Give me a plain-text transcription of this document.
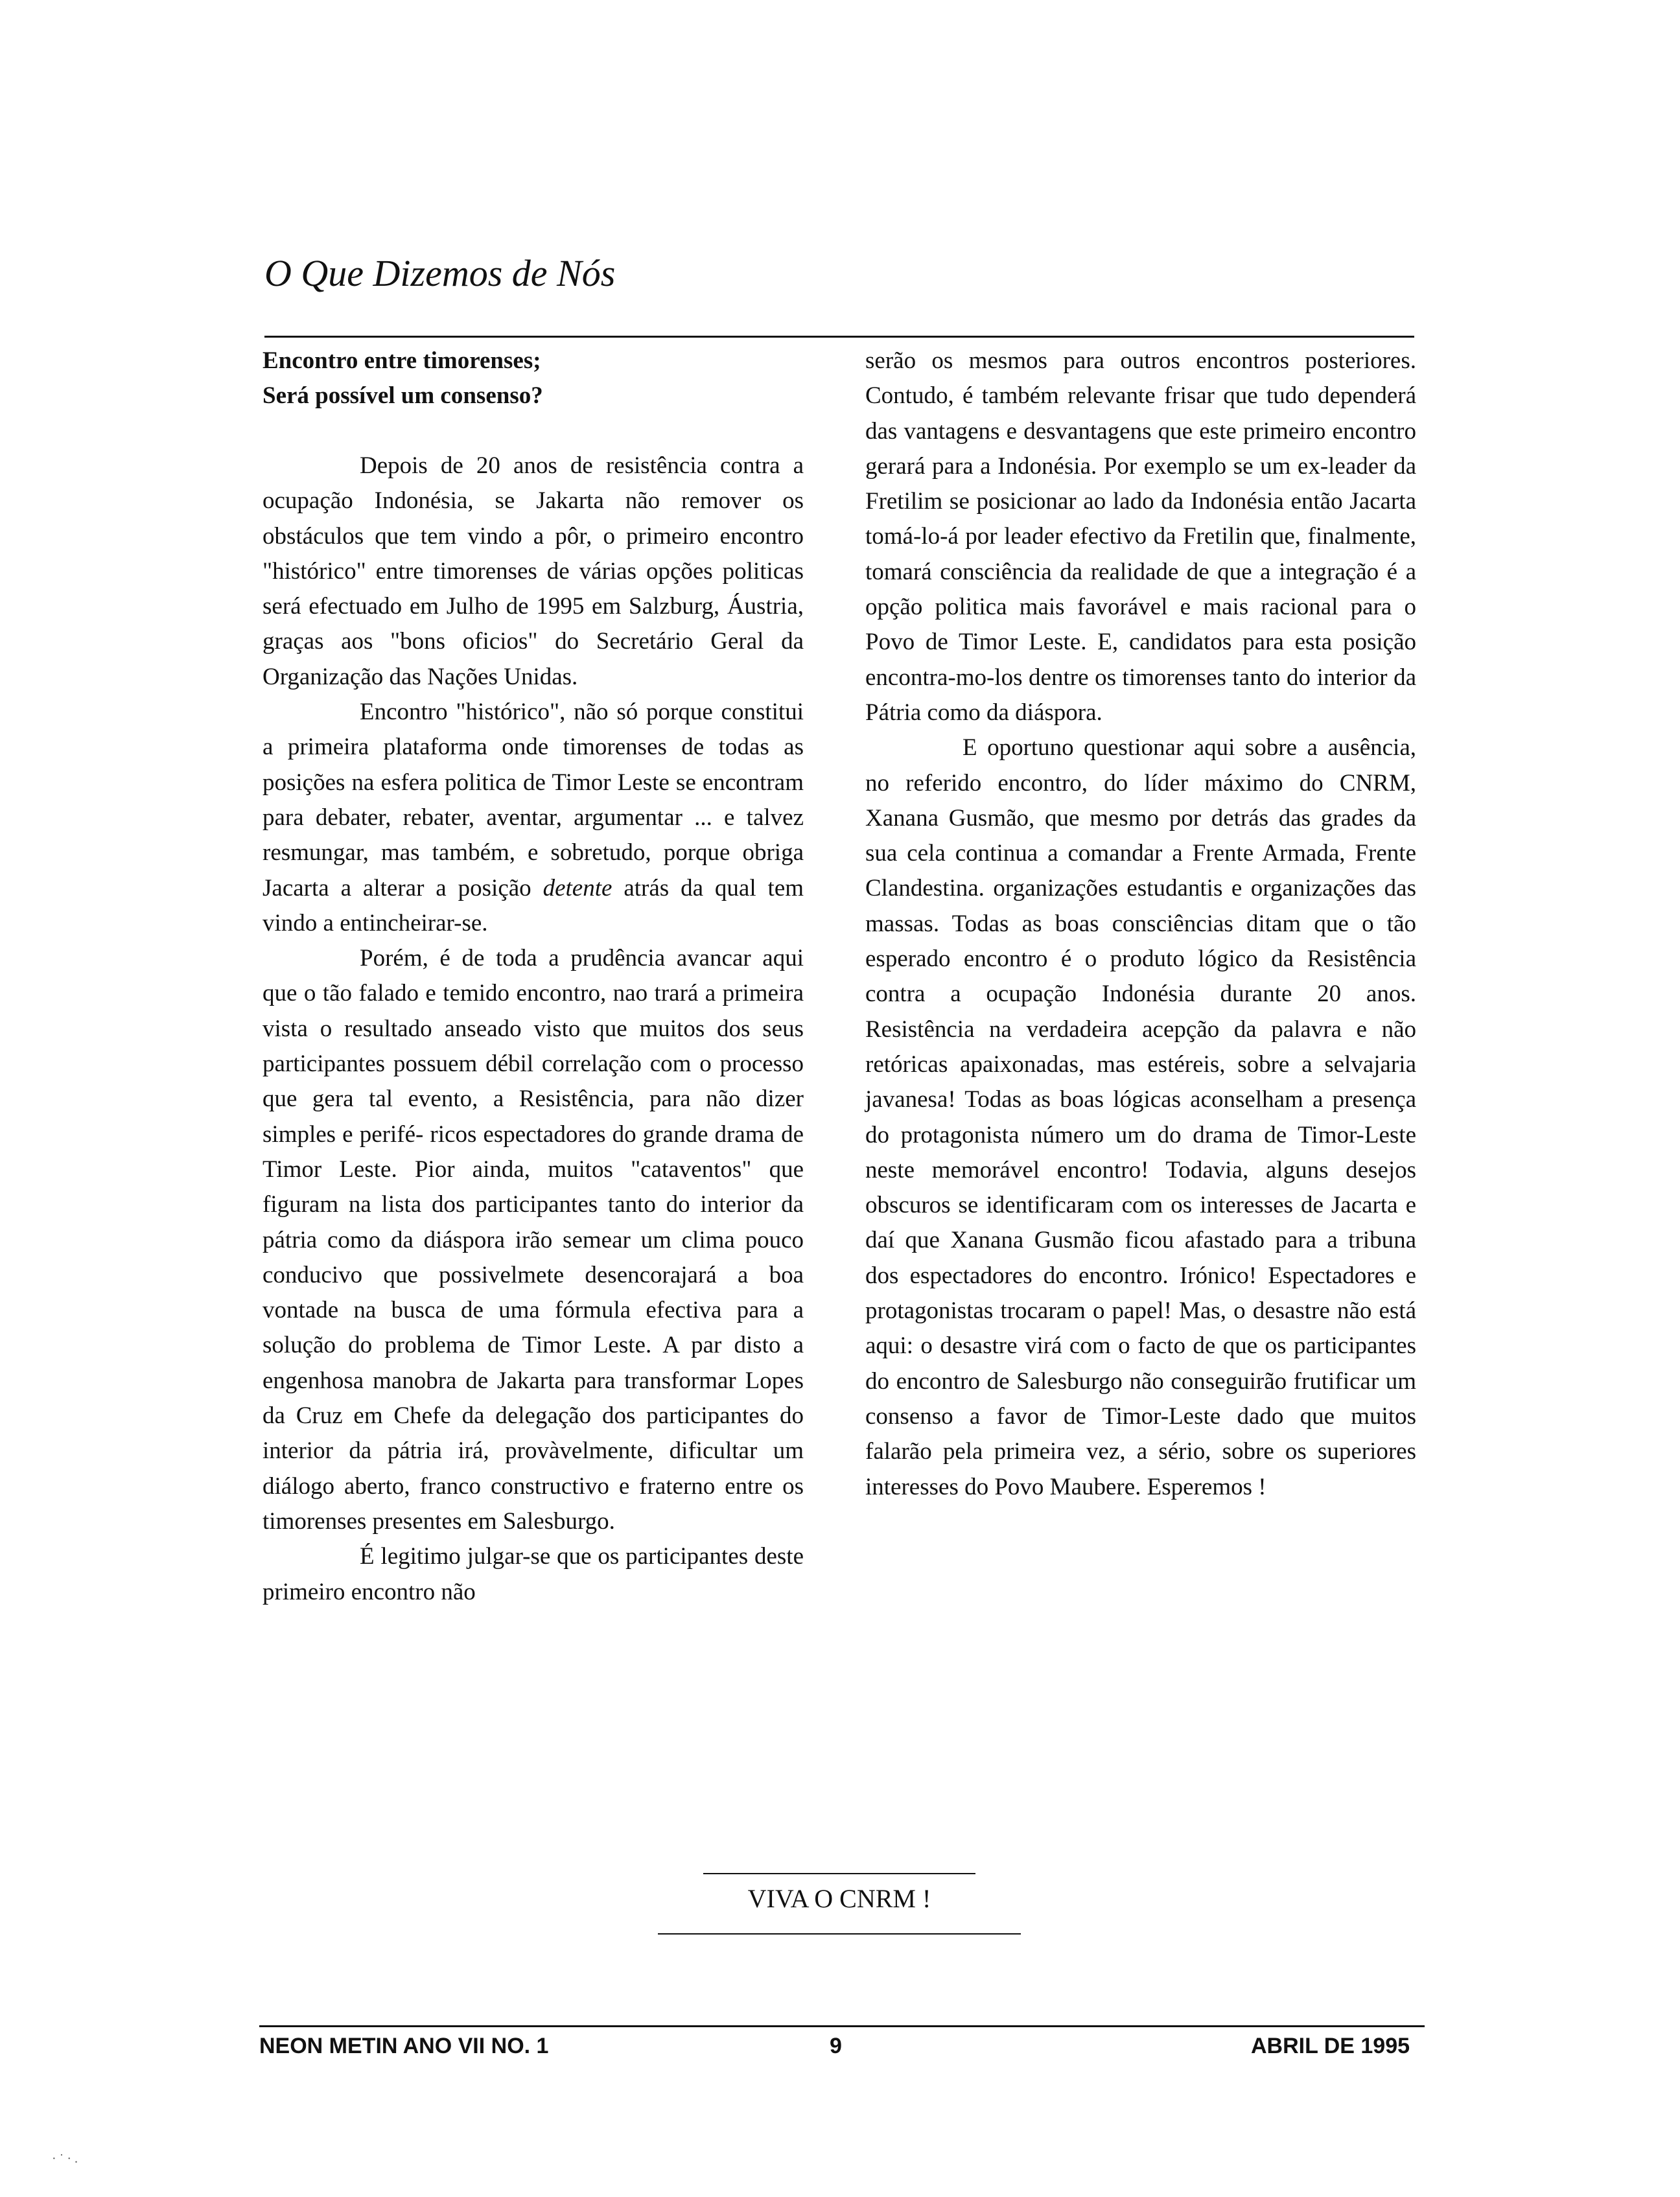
O Que Dizemos de Nós
Encontro entre timorenses;
Será possível um consenso?

Depois de 20 anos de resistência contra a ocupação Indonésia, se Jakarta não remover os obstáculos que tem vindo a pôr, o primeiro encontro "histórico" entre timorenses de várias opções politicas será efectuado em Julho de 1995 em Salzburg, Áustria, graças aos "bons oficios" do Secretário Geral da Organização das Nações Unidas.

Encontro "histórico", não só porque constitui a primeira plataforma onde timorenses de todas as posições na esfera politica de Timor Leste se encontram para debater, rebater, aventar, argumentar ... e talvez resmungar, mas também, e sobretudo, porque obriga Jacarta a alterar a posição detente atrás da qual tem vindo a entincheirar-se.

Porém, é de toda a prudência avancar aqui que o tão falado e temido encontro, nao trará a primeira vista o resultado anseado visto que muitos dos seus participantes possuem débil correlação com o processo que gera tal evento, a Resistência, para não dizer simples e perifé- ricos espectadores do grande drama de Timor Leste. Pior ainda, muitos "cataventos" que figuram na lista dos participantes tanto do interior da pátria como da diáspora irão semear um clima pouco conducivo que possivelmete desencorajará a boa vontade na busca de uma fórmula efectiva para a solução do problema de Timor Leste. A par disto a engenhosa manobra de Jakarta para transformar Lopes da Cruz em Chefe da delegação dos participantes do interior da pátria irá, provàvelmente, dificultar um diálogo aberto, franco constructivo e fraterno entre os timorenses presentes em Salesburgo.

É legitimo julgar-se que os participantes deste primeiro encontro não

serão os mesmos para outros encontros posteriores. Contudo, é também relevante frisar que tudo dependerá das vantagens e desvantagens que este primeiro encontro gerará para a Indonésia. Por exemplo se um ex-leader da Fretilim se posicionar ao lado da Indonésia então Jacarta tomá-lo-á por leader efectivo da Fretilin que, finalmente, tomará consciência da realidade de que a integração é a opção politica mais favorável e mais racional para o Povo de Timor Leste. E, candidatos para esta posição encontra-mo-los dentre os timorenses tanto do interior da Pátria como da diáspora.

E oportuno questionar aqui sobre a ausência, no referido encontro, do líder máximo do CNRM, Xanana Gusmão, que mesmo por detrás das grades da sua cela continua a comandar a Frente Armada, Frente Clandestina. organizações estudantis e organizações das massas. Todas as boas consciências ditam que o tão esperado encontro é o produto lógico da Resistência contra a ocupação Indonésia durante 20 anos. Resistência na verdadeira acepção da palavra e não retóricas apaixonadas, mas estéreis, sobre a selvajaria javanesa! Todas as boas lógicas aconselham a presença do protagonista número um do drama de Timor-Leste neste memorável encontro! Todavia, alguns desejos obscuros se identificaram com os interesses de Jacarta e daí que Xanana Gusmão ficou afastado para a tribuna dos espectadores do encontro. Irónico! Espectadores e protagonistas trocaram o papel! Mas, o desastre não está aqui: o desastre virá com o facto de que os participantes do encontro de Salesburgo não conseguirão frutificar um consenso a favor de Timor-Leste dado que muitos falarão pela primeira vez, a sério, sobre os superiores interesses do Povo Maubere. Esperemos !

VIVA O CNRM !
NEON METIN ANO VII NO. 1	9	ABRIL DE 1995
· ˙ · .
